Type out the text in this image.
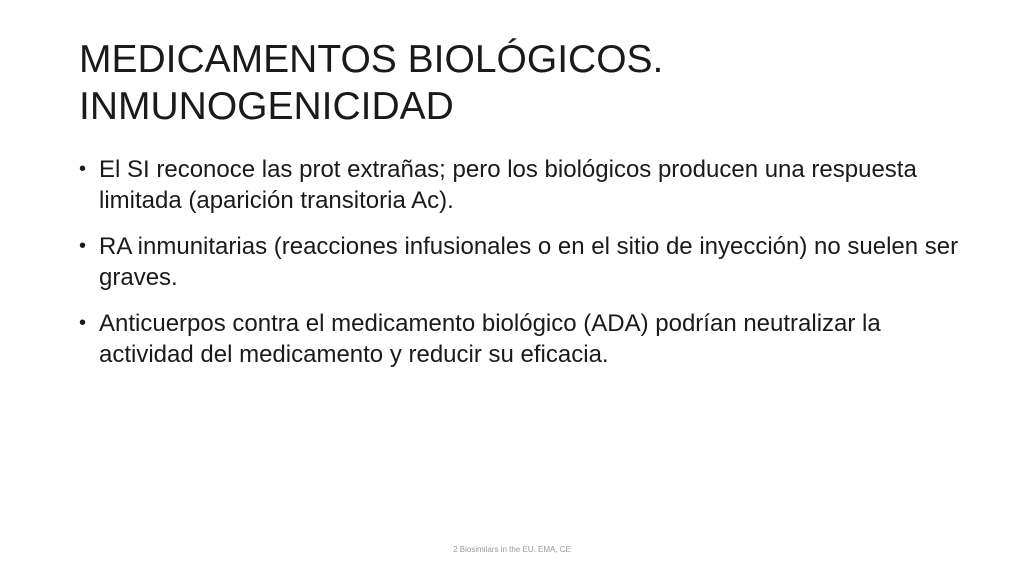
MEDICAMENTOS BIOLÓGICOS.
INMUNOGENICIDAD
• El SI reconoce las prot extrañas; pero los biológicos producen una respuesta limitada (aparición transitoria Ac).
• RA inmunitarias (reacciones infusionales o en el sitio de inyección) no suelen ser graves.
• Anticuerpos contra el medicamento biológico (ADA) podrían neutralizar la actividad del medicamento y reducir su eficacia.
2 Biosimilars in the EU. EMA, CE
